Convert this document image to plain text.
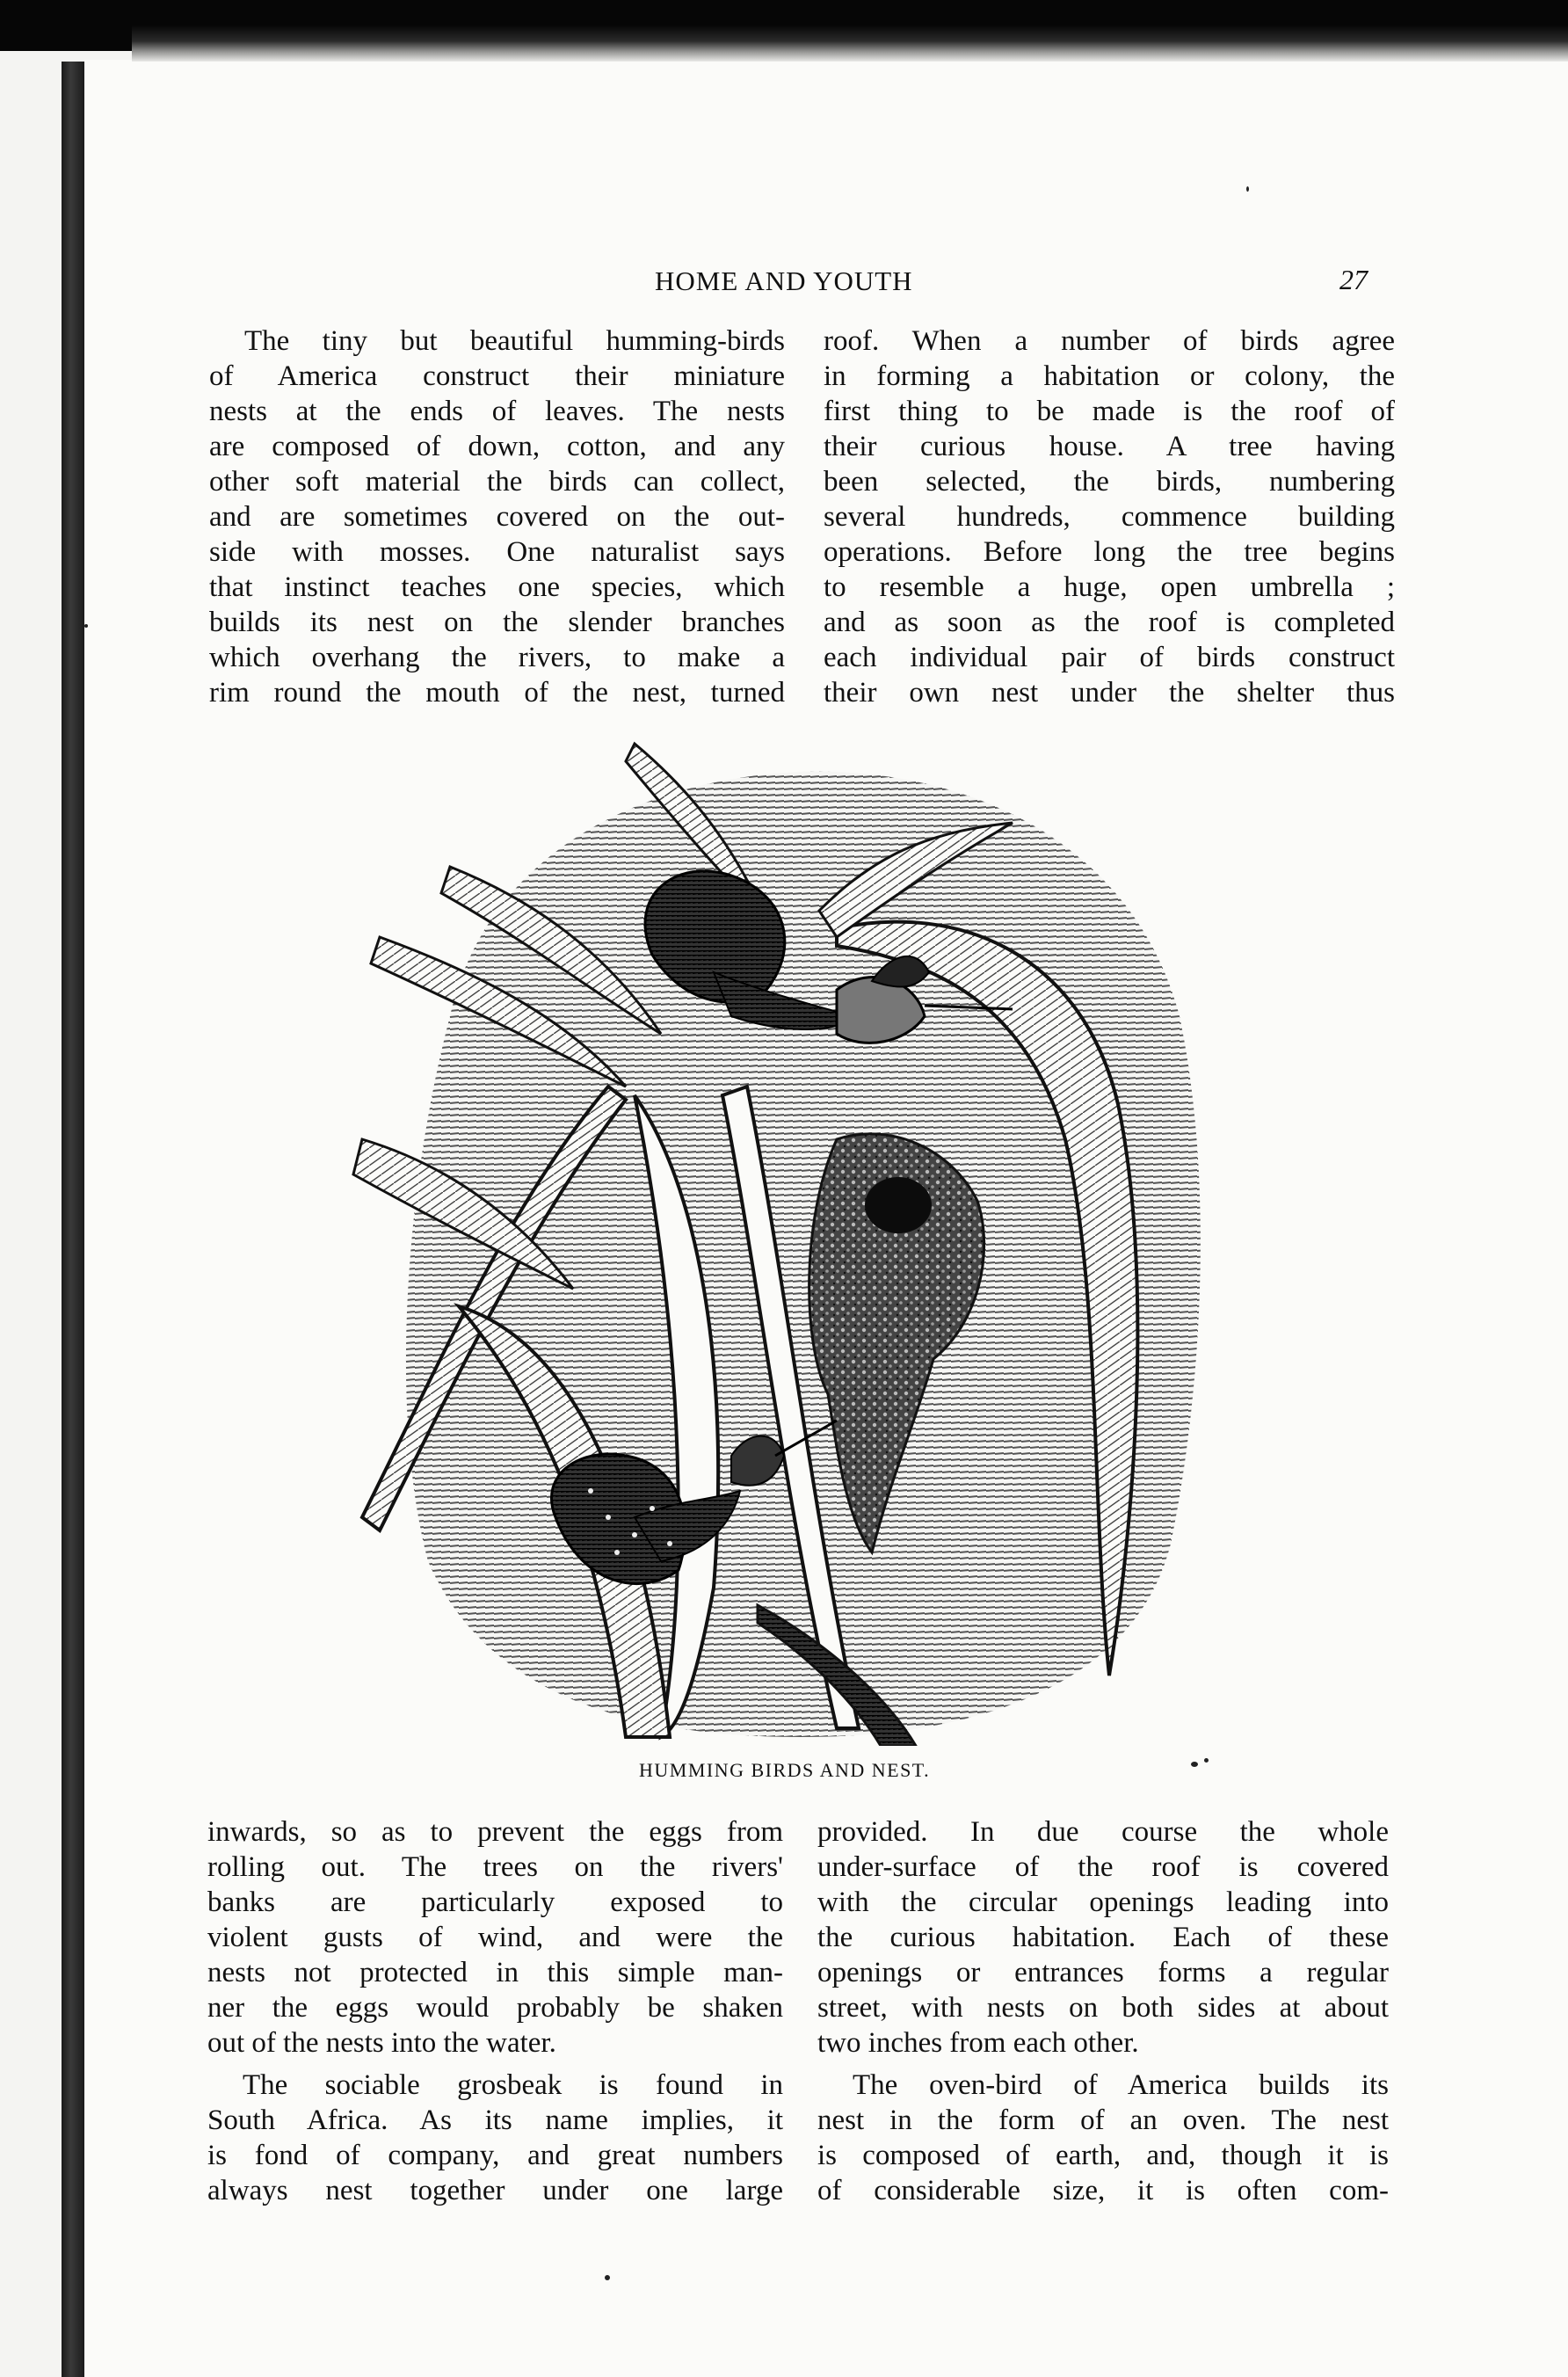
HOME AND YOUTH	27

The tiny but beautiful humming-birds
of America construct their miniature
nests at the ends of leaves. The nests
are composed of down, cotton, and any
other soft material the birds can collect,
and are sometimes covered on the out-
side with mosses. One naturalist says
that instinct teaches one species, which
builds its nest on the slender branches
which overhang the rivers, to make a
rim round the mouth of the nest, turned

roof. When a number of birds agree
in forming a habitation or colony, the
first thing to be made is the roof of
their curious house. A tree having
been selected, the birds, numbering
several hundreds, commence building
operations. Before long the tree begins
to resemble a huge, open umbrella ;
and as soon as the roof is completed
each individual pair of birds construct
their own nest under the shelter thus

HUMMING BIRDS AND NEST.

inwards, so as to prevent the eggs from
rolling out. The trees on the rivers'
banks are particularly exposed to
violent gusts of wind, and were the
nests not protected in this simple man-
ner the eggs would probably be shaken
out of the nests into the water.

The sociable grosbeak is found in
South Africa. As its name implies, it
is fond of company, and great numbers
always nest together under one large

provided. In due course the whole
under-surface of the roof is covered
with the circular openings leading into
the curious habitation. Each of these
openings or entrances forms a regular
street, with nests on both sides at about
two inches from each other.

The oven-bird of America builds its
nest in the form of an oven. The nest
is composed of earth, and, though it is
of considerable size, it is often com-
